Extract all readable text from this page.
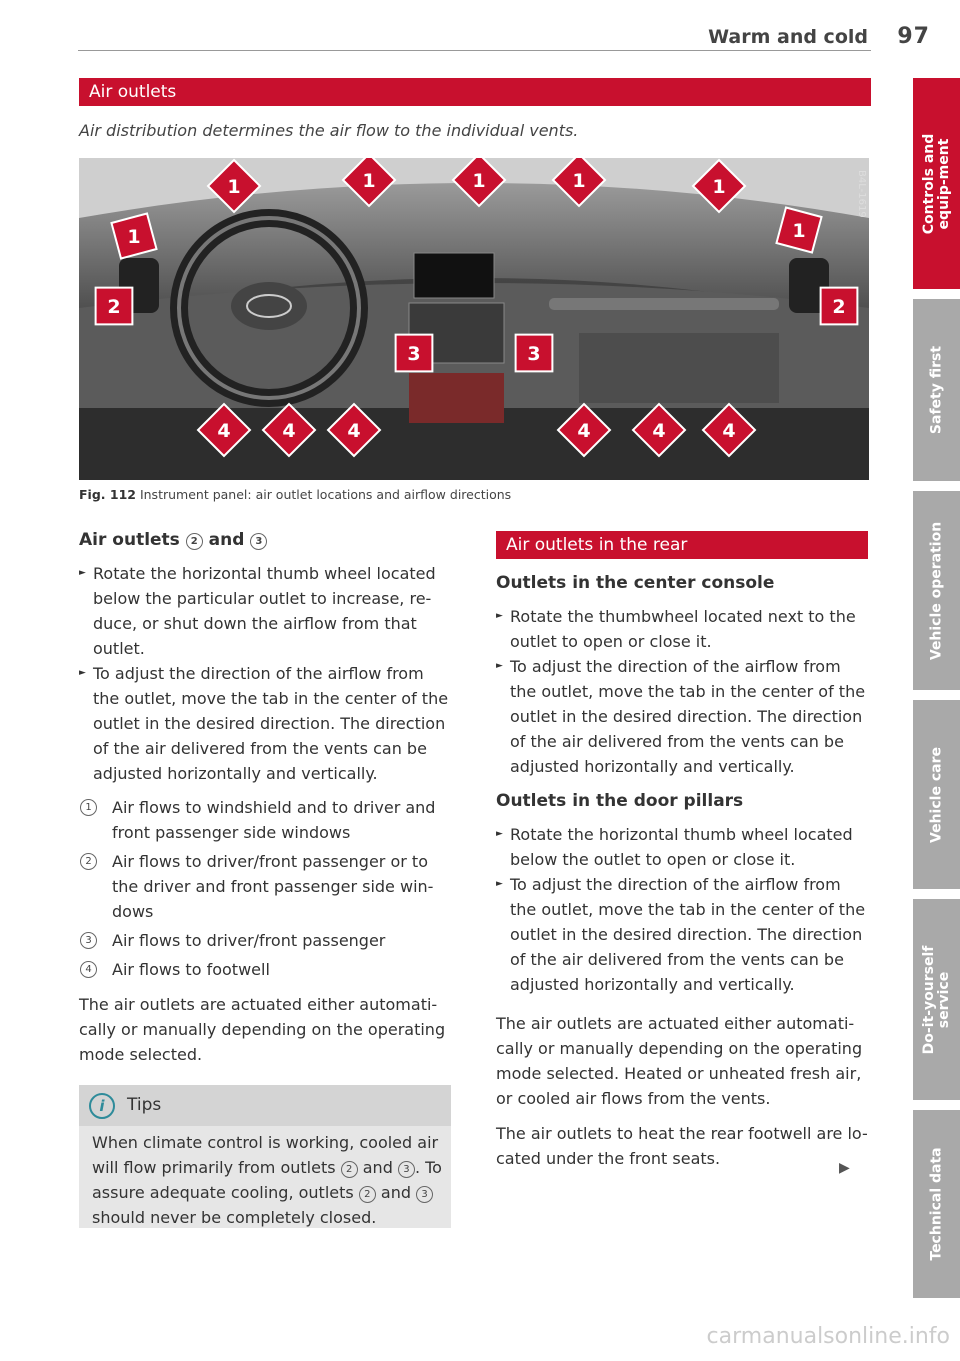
Warm and cold 97
Air outlets
Air distribution determines the air flow to the individual vents.
B4L-1619
1	1	1	1	1
1	1
2	2
3	3
4	4	4	4	4	4
Fig. 112 Instrument panel: air outlet locations and airflow directions
Air outlets 2 and 3
► Rotate the horizontal thumb wheel located below the particular outlet to increase, re-duce, or shut down the airflow from that outlet.
► To adjust the direction of the airflow from the outlet, move the tab in the center of the outlet in the desired direction. The direction of the air delivered from the vents can be adjusted horizontally and vertically.
1	Air flows to windshield and to driver and front passenger side windows
2	Air flows to driver/front passenger or to the driver and front passenger side win-dows
3	Air flows to driver/front passenger
4	Air flows to footwell
The air outlets are actuated either automati-cally or manually depending on the operating mode selected.
i	Tips
When climate control is working, cooled air will flow primarily from outlets 2 and 3 . To assure adequate cooling, outlets 2 and 3 should never be completely closed.
Air outlets in the rear
Outlets in the center console
► Rotate the thumbwheel located next to the outlet to open or close it.
► To adjust the direction of the airflow from the outlet, move the tab in the center of the outlet in the desired direction. The direction of the air delivered from the vents can be adjusted horizontally and vertically.
Outlets in the door pillars
► Rotate the horizontal thumb wheel located below the outlet to open or close it.
► To adjust the direction of the airflow from the outlet, move the tab in the center of the outlet in the desired direction. The direction of the air delivered from the vents can be adjusted horizontally and vertically.
The air outlets are actuated either automati-cally or manually depending on the operating mode selected. Heated or unheated fresh air, or cooled air flows from the vents.
The air outlets to heat the rear footwell are lo-cated under the front seats.	▶
Controls and equip-ment
Safety first
Vehicle operation
Vehicle care
Do-it-yourself service
Technical data
carmanualsonline.info
